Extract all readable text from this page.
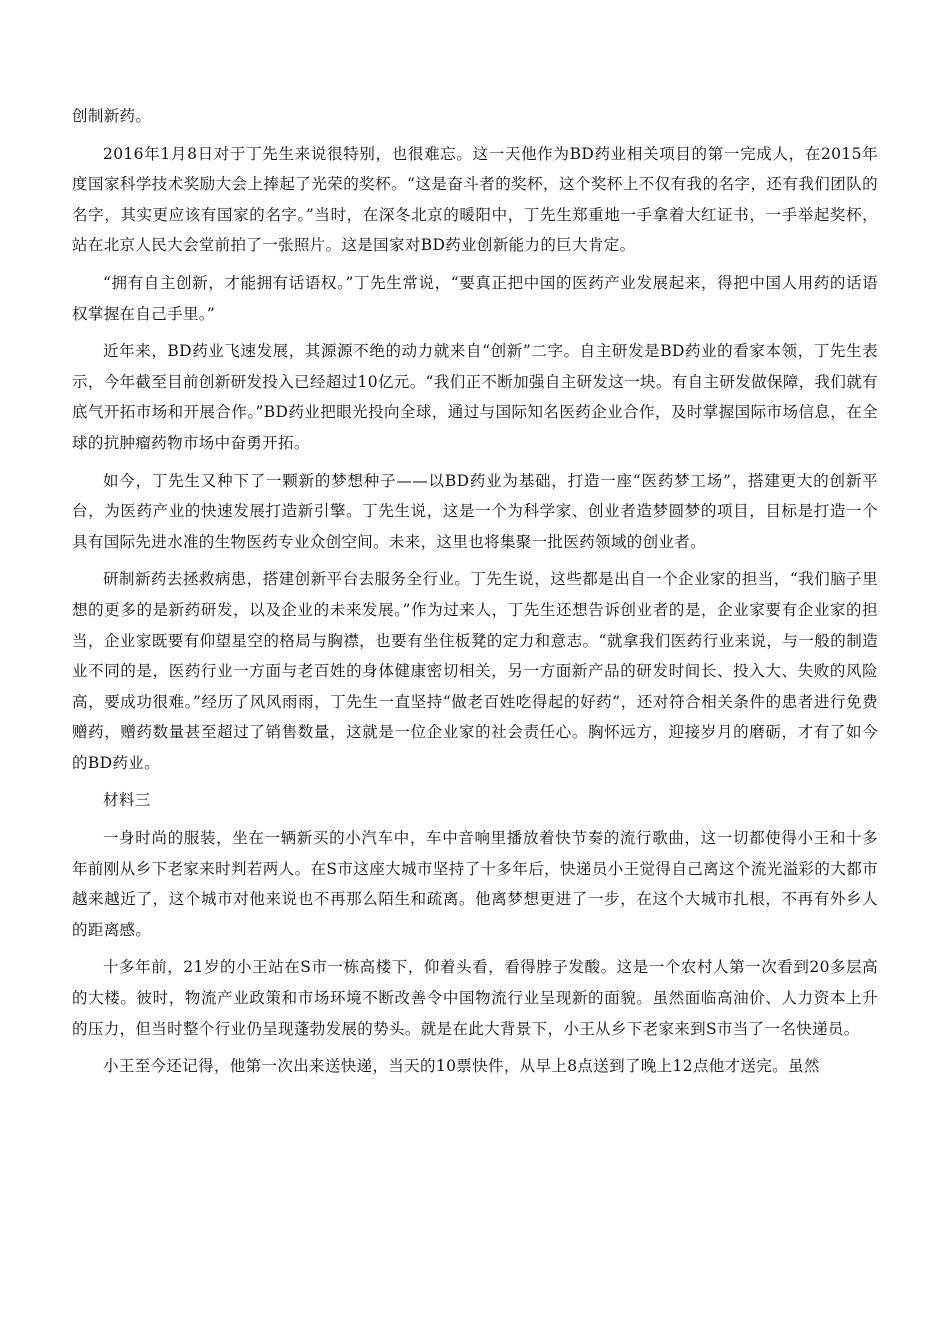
创制新药。

2016年1月8日对于丁先生来说很特别，也很难忘。这一天他作为BD药业相关项目的第一完成人，在2015年度国家科学技术奖励大会上捧起了光荣的奖杯。“这是奋斗者的奖杯，这个奖杯上不仅有我的名字，还有我们团队的名字，其实更应该有国家的名字。”当时，在深冬北京的暖阳中，丁先生郑重地一手拿着大红证书，一手举起奖杯，站在北京人民大会堂前拍了一张照片。这是国家对BD药业创新能力的巨大肯定。

“拥有自主创新，才能拥有话语权。”丁先生常说，“要真正把中国的医药产业发展起来，得把中国人用药的话语权掌握在自己手里。”

近年来，BD药业飞速发展，其源源不绝的动力就来自“创新”二字。自主研发是BD药业的看家本领，丁先生表示，今年截至目前创新研发投入已经超过10亿元。“我们正不断加强自主研发这一块。有自主研发做保障，我们就有底气开拓市场和开展合作。”BD药业把眼光投向全球，通过与国际知名医药企业合作，及时掌握国际市场信息，在全球的抗肿瘤药物市场中奋勇开拓。

如今，丁先生又种下了一颗新的梦想种子——以BD药业为基础，打造一座“医药梦工场”，搭建更大的创新平台，为医药产业的快速发展打造新引擎。丁先生说，这是一个为科学家、创业者造梦圆梦的项目，目标是打造一个具有国际先进水准的生物医药专业众创空间。未来，这里也将集聚一批医药领域的创业者。

研制新药去拯救病患，搭建创新平台去服务全行业。丁先生说，这些都是出自一个企业家的担当，“我们脑子里想的更多的是新药研发，以及企业的未来发展。”作为过来人，丁先生还想告诉创业者的是，企业家要有企业家的担当，企业家既要有仰望星空的格局与胸襟，也要有坐住板凳的定力和意志。“就拿我们医药行业来说，与一般的制造业不同的是，医药行业一方面与老百姓的身体健康密切相关，另一方面新产品的研发时间长、投入大、失败的风险高，要成功很难。”经历了风风雨雨，丁先生一直坚持“做老百姓吃得起的好药”，还对符合相关条件的患者进行免费赠药，赠药数量甚至超过了销售数量，这就是一位企业家的社会责任心。胸怀远方，迎接岁月的磨砺，才有了如今的BD药业。

材料三

一身时尚的服装，坐在一辆新买的小汽车中，车中音响里播放着快节奏的流行歌曲，这一切都使得小王和十多年前刚从乡下老家来时判若两人。在S市这座大城市坚持了十多年后，快递员小王觉得自己离这个流光溢彩的大都市越来越近了，这个城市对他来说也不再那么陌生和疏离。他离梦想更进了一步，在这个大城市扎根，不再有外乡人的距离感。

十多年前，21岁的小王站在S市一栋高楼下，仰着头看，看得脖子发酸。这是一个农村人第一次看到20多层高的大楼。彼时，物流产业政策和市场环境不断改善令中国物流行业呈现新的面貌。虽然面临高油价、人力资本上升的压力，但当时整个行业仍呈现蓬勃发展的势头。就是在此大背景下，小王从乡下老家来到S市当了一名快递员。

小王至今还记得，他第一次出来送快递，当天的10票快件，从早上8点送到了晚上12点他才送完。虽然
